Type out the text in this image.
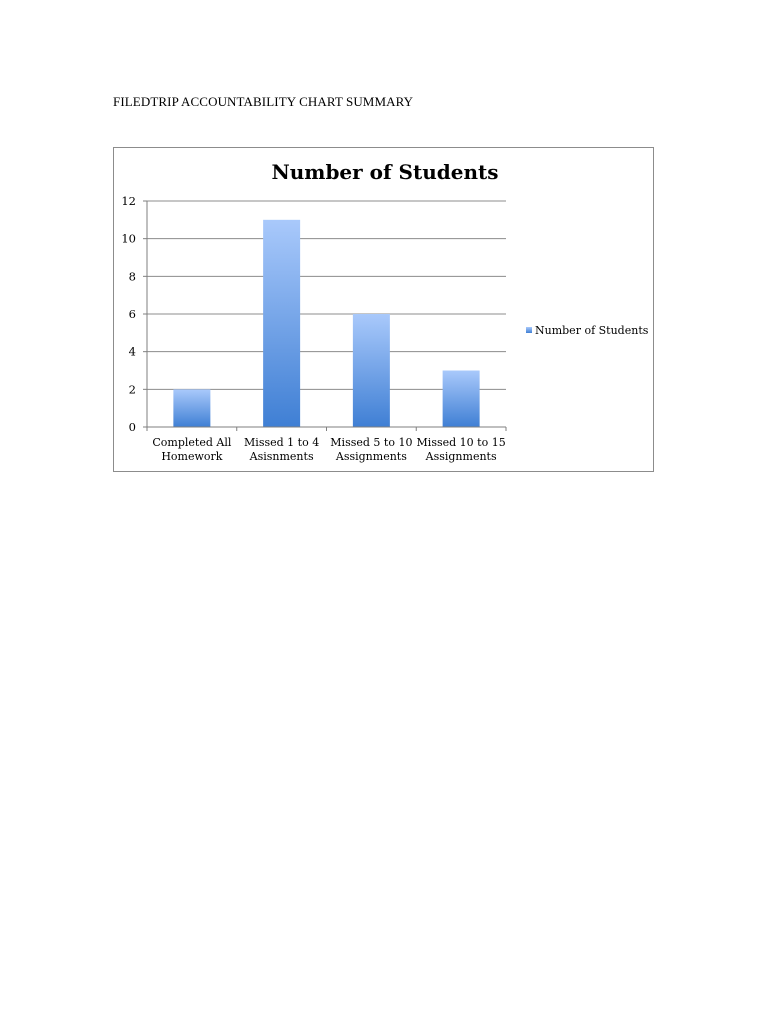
FILEDTRIP ACCOUNTABILITY CHART SUMMARY
Number of Students
0
2
4
6
8
10
12
Completed All
Homework
Missed 1 to 4
Asisnments
Missed 5 to 10
Assignments
Missed 10 to 15
Assignments
Number of Students
